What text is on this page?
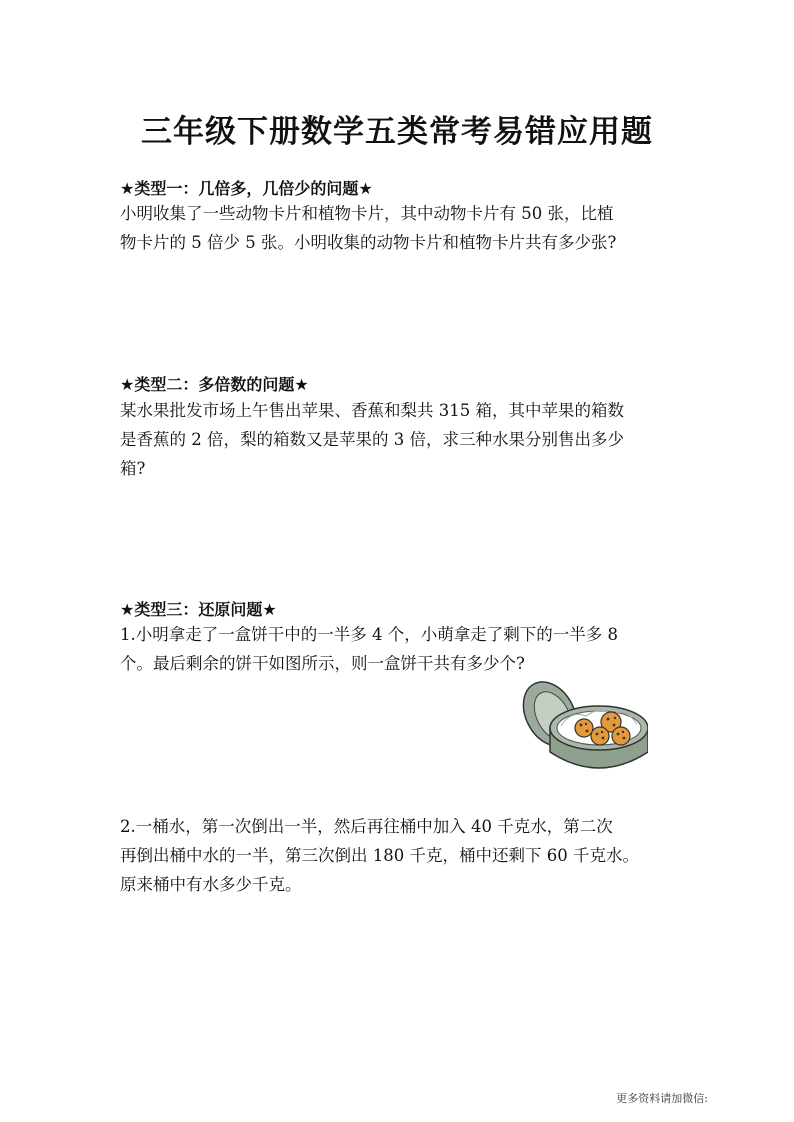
三年级下册数学五类常考易错应用题
★类型一：几倍多，几倍少的问题★

小明收集了一些动物卡片和植物卡片，其中动物卡片有 50 张，比植

物卡片的 5 倍少 5 张。小明收集的动物卡片和植物卡片共有多少张?

★类型二：多倍数的问题★

某水果批发市场上午售出苹果、香蕉和梨共 315 箱，其中苹果的箱数

是香蕉的 2 倍，梨的箱数又是苹果的 3 倍，求三种水果分别售出多少

箱?

★类型三：还原问题★

1.小明拿走了一盒饼干中的一半多 4 个，小萌拿走了剩下的一半多 8

个。最后剩余的饼干如图所示，则一盒饼干共有多少个?

2.一桶水，第一次倒出一半，然后再往桶中加入 40 千克水，第二次

再倒出桶中水的一半，第三次倒出 180 千克，桶中还剩下 60 千克水。

原来桶中有水多少千克。

更多资料请加微信:
